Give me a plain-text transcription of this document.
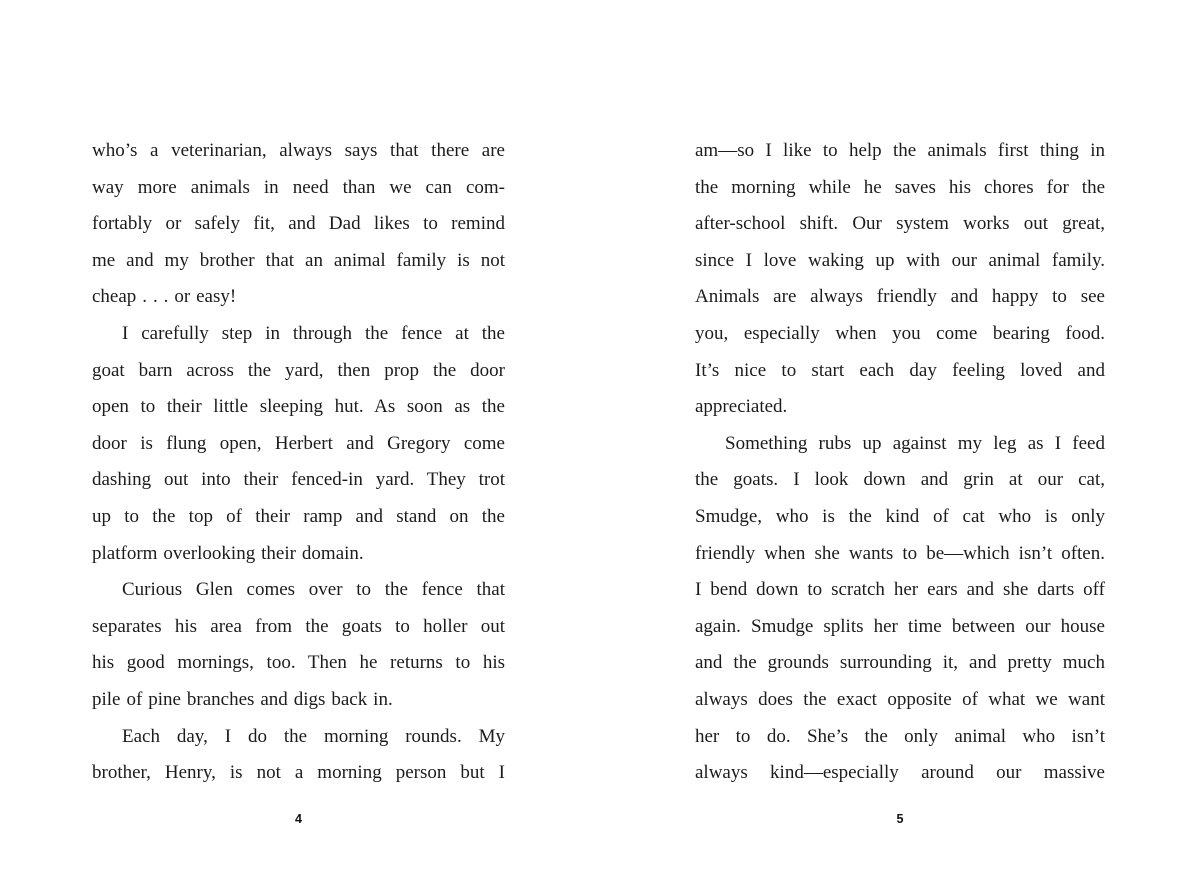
who’s a veterinarian, always says that there are
way more animals in need than we can com-
fortably or safely fit, and Dad likes to remind
me and my brother that an animal family is not
cheap . . . or easy!
I carefully step in through the fence at the
goat barn across the yard, then prop the door
open to their little sleeping hut. As soon as the
door is flung open, Herbert and Gregory come
dashing out into their fenced-in yard. They trot
up to the top of their ramp and stand on the
platform overlooking their domain.
Curious Glen comes over to the fence that
separates his area from the goats to holler out
his good mornings, too. Then he returns to his
pile of pine branches and digs back in.
Each day, I do the morning rounds. My
brother, Henry, is not a morning person but I
am—so I like to help the animals first thing in
the morning while he saves his chores for the
after-school shift. Our system works out great,
since I love waking up with our animal family.
Animals are always friendly and happy to see
you, especially when you come bearing food.
It’s nice to start each day feeling loved and
appreciated.
Something rubs up against my leg as I feed
the goats. I look down and grin at our cat,
Smudge, who is the kind of cat who is only
friendly when she wants to be—which isn’t often.
I bend down to scratch her ears and she darts off
again. Smudge splits her time between our house
and the grounds surrounding it, and pretty much
always does the exact opposite of what we want
her to do. She’s the only animal who isn’t
always kind—especially around our massive
4	5
